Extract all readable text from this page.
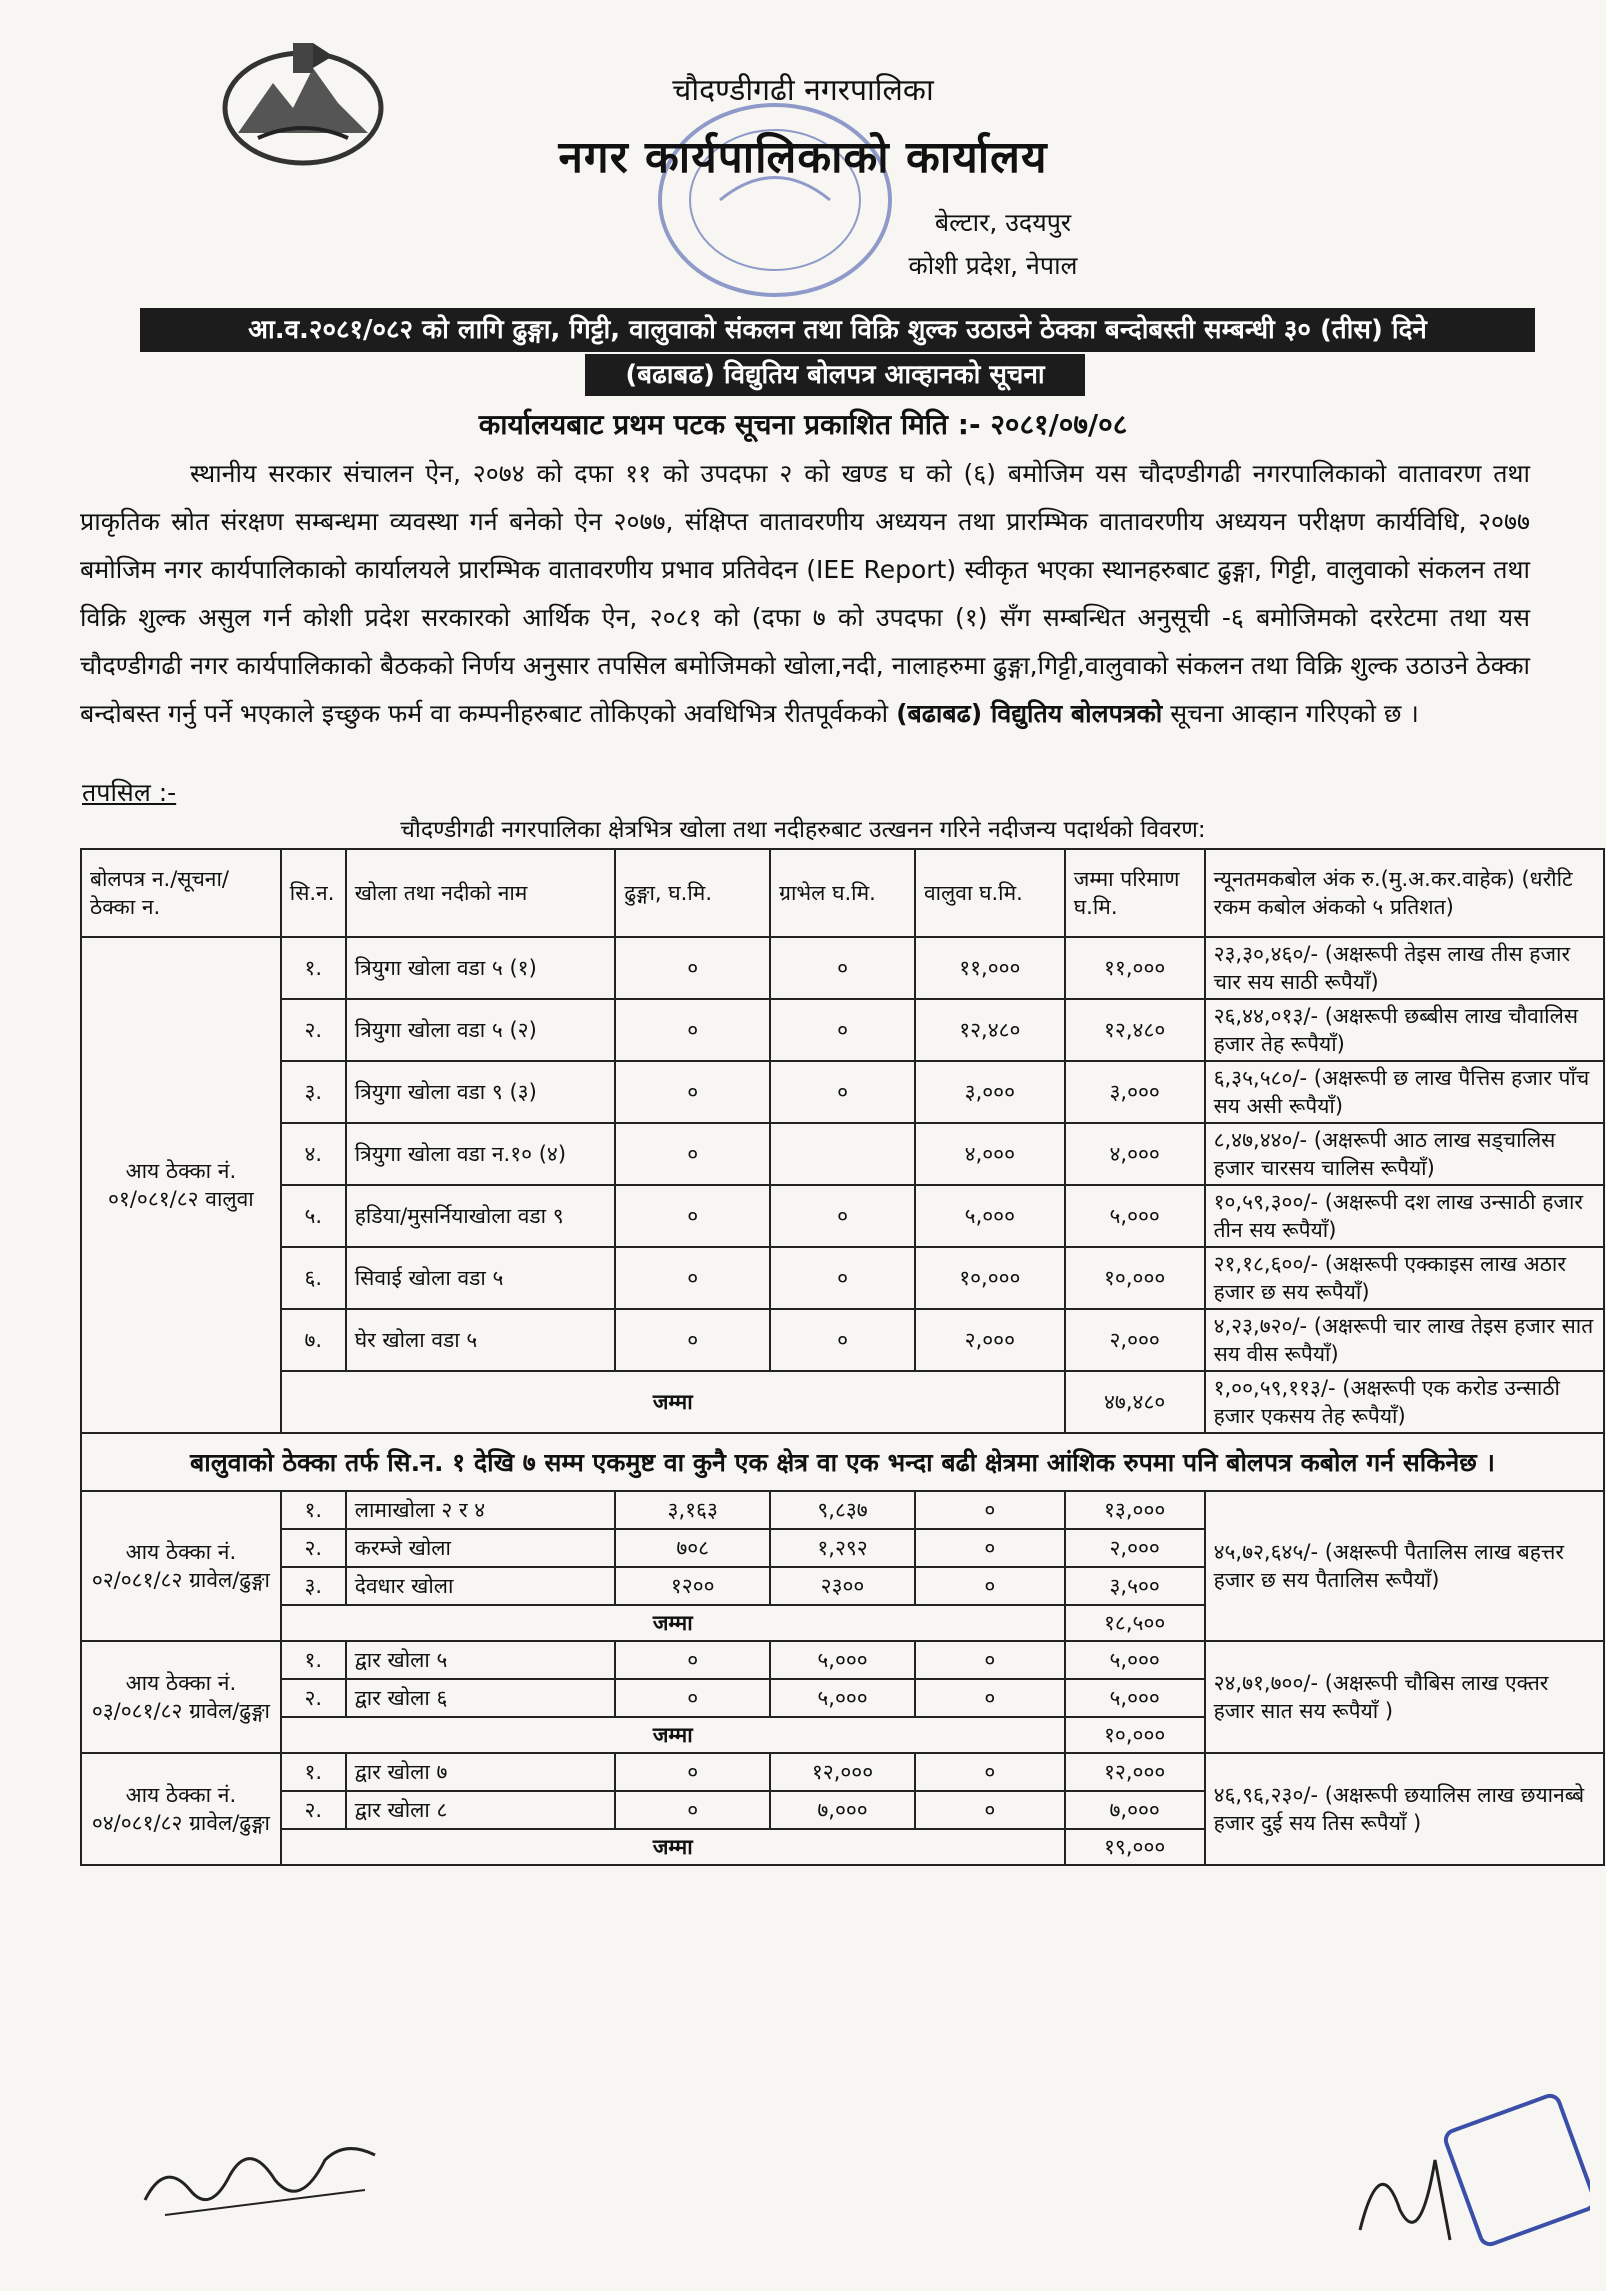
चौदण्डीगढी नगरपालिका
नगर कार्यपालिकाको कार्यालय
बेल्टार, उदयपुर
कोशी प्रदेश, नेपाल
आ.व.२०८१/०८२ को लागि ढुङ्गा, गिट्टी, वालुवाको संकलन तथा विक्रि शुल्क उठाउने ठेक्का बन्दोबस्ती सम्बन्धी ३० (तीस) दिने
(बढाबढ) विद्युतिय बोलपत्र आव्हानको सूचना
कार्यालयबाट प्रथम पटक सूचना प्रकाशित मिति :- २०८१/०७/०८
स्थानीय सरकार संचालन ऐन, २०७४ को दफा ११ को उपदफा २ को खण्ड घ को (६) बमोजिम यस चौदण्डीगढी नगरपालिकाको वातावरण तथा प्राकृतिक स्रोत संरक्षण सम्बन्धमा व्यवस्था गर्न बनेको ऐन २०७७, संक्षिप्त वातावरणीय अध्ययन तथा प्रारम्भिक वातावरणीय अध्ययन परीक्षण कार्यविधि, २०७७ बमोजिम नगर कार्यपालिकाको कार्यालयले प्रारम्भिक वातावरणीय प्रभाव प्रतिवेदन (IEE Report) स्वीकृत भएका स्थानहरुबाट ढुङ्गा, गिट्टी, वालुवाको संकलन तथा विक्रि शुल्क असुल गर्न कोशी प्रदेश सरकारको आर्थिक ऐन, २०८१ को (दफा ७ को उपदफा (१) सँग सम्बन्धित अनुसूची -६ बमोजिमको दररेटमा तथा यस चौदण्डीगढी नगर कार्यपालिकाको बैठकको निर्णय अनुसार तपसिल बमोजिमको खोला,नदी, नालाहरुमा ढुङ्गा,गिट्टी,वालुवाको संकलन तथा विक्रि शुल्क उठाउने ठेक्का बन्दोबस्त गर्नु पर्ने भएकाले इच्छुक फर्म वा कम्पनीहरुबाट तोकिएको अवधिभित्र रीतपूर्वकको (बढाबढ) विद्युतिय बोलपत्रको सूचना आव्हान गरिएको छ ।
तपसिल :-
चौदण्डीगढी नगरपालिका क्षेत्रभित्र खोला तथा नदीहरुबाट उत्खनन गरिने नदीजन्य पदार्थको विवरण:
बोलपत्र न./सूचना/ ठेक्का न.	सि.न.	खोला तथा नदीको नाम	ढुङ्गा, घ.मि.	ग्राभेल घ.मि.	वालुवा घ.मि.	जम्मा परिमाण घ.मि.	न्यूनतमकबोल अंक रु.(मु.अ.कर.वाहेक) (धरौटि रकम कबोल अंकको ५ प्रतिशत)
आय ठेक्का नं. ०१/०८१/८२ वालुवा	१.	त्रियुगा खोला वडा ५ (१)	०	०	११,०००	११,०००	२३,३०,४६०/- (अक्षरूपी तेइस लाख तीस हजार चार सय साठी रूपैयाँ)
	२.	त्रियुगा खोला वडा ५ (२)	०	०	१२,४८०	१२,४८०	२६,४४,०१३/- (अक्षरूपी छब्बीस लाख चौवालिस हजार तेह रूपैयाँ)
	३.	त्रियुगा खोला वडा ९ (३)	०	०	३,०००	३,०००	६,३५,५८०/- (अक्षरूपी छ लाख पैत्तिस हजार पाँच सय असी रूपैयाँ)
	४.	त्रियुगा खोला वडा न.१० (४)	०		४,०००	४,०००	८,४७,४४०/- (अक्षरूपी आठ लाख सड्चालिस हजार चारसय चालिस रूपैयाँ)
	५.	हडिया/मुसर्नियाखोला वडा ९	०	०	५,०००	५,०००	१०,५९,३००/- (अक्षरूपी दश लाख उन्साठी हजार तीन सय रूपैयाँ)
	६.	सिवाई खोला वडा ५	०	०	१०,०००	१०,०००	२१,१८,६००/- (अक्षरूपी एक्काइस लाख अठार हजार छ सय रूपैयाँ)
	७.	घेर खोला वडा ५	०	०	२,०००	२,०००	४,२३,७२०/- (अक्षरूपी चार लाख तेइस हजार सात सय वीस रूपैयाँ)
	जम्मा					४७,४८०	१,००,५९,११३/- (अक्षरूपी एक करोड उन्साठी हजार एकसय तेह रूपैयाँ)
बालुवाको ठेक्का तर्फ सि.न. १ देखि ७ सम्म एकमुष्ट वा कुनै एक क्षेत्र वा एक भन्दा बढी क्षेत्रमा आंशिक रुपमा पनि बोलपत्र कबोल गर्न सकिनेछ ।							
आय ठेक्का नं. ०२/०८१/८२ ग्रावेल/ढुङ्गा	१.	लामाखोला २ र ४	३,१६३	९,८३७	०	१३,०००	४५,७२,६४५/- (अक्षरूपी पैतालिस लाख बहत्तर हजार छ सय पैतालिस रूपैयाँ)
	२.	करम्जे खोला	७०८	१,२९२	०	२,०००	
	३.	देवधार खोला	१२००	२३००	०	३,५००	
	जम्मा					१८,५००	
आय ठेक्का नं. ०३/०८१/८२ ग्रावेल/ढुङ्गा	१.	द्वार खोला ५	०	५,०००	०	५,०००	२४,७१,७००/- (अक्षरूपी चौबिस लाख एक्तर हजार सात सय रूपैयाँ )
	२.	द्वार खोला ६	०	५,०००	०	५,०००	
	जम्मा					१०,०००	
आय ठेक्का नं. ०४/०८१/८२ ग्रावेल/ढुङ्गा	१.	द्वार खोला ७	०	१२,०००	०	१२,०००	४६,९६,२३०/- (अक्षरूपी छयालिस लाख छयानब्बे हजार दुई सय तिस रूपैयाँ )
	२.	द्वार खोला ८	०	७,०००	०	७,०००	
	जम्मा					१९,०००	
